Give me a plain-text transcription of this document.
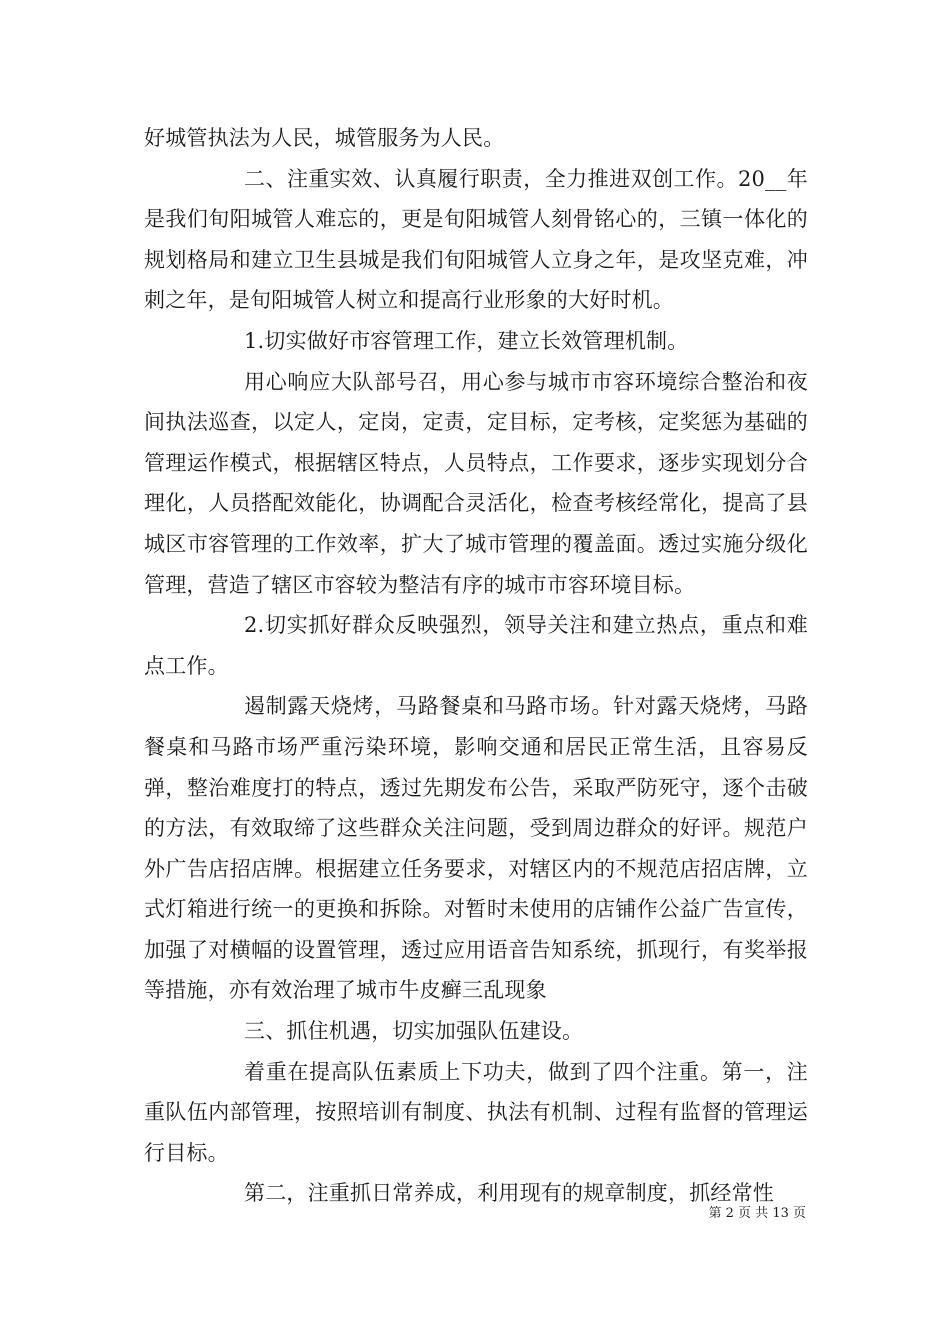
好城管执法为人民，城管服务为人民。

二、注重实效、认真履行职责，全力推进双创工作。20__年是我们旬阳城管人难忘的，更是旬阳城管人刻骨铭心的，三镇一体化的规划格局和建立卫生县城是我们旬阳城管人立身之年，是攻坚克难，冲刺之年，是旬阳城管人树立和提高行业形象的大好时机。

1.切实做好市容管理工作，建立长效管理机制。

用心响应大队部号召，用心参与城市市容环境综合整治和夜间执法巡查，以定人，定岗，定责，定目标，定考核，定奖惩为基础的管理运作模式，根据辖区特点，人员特点，工作要求，逐步实现划分合理化，人员搭配效能化，协调配合灵活化，检查考核经常化，提高了县城区市容管理的工作效率，扩大了城市管理的覆盖面。透过实施分级化管理，营造了辖区市容较为整洁有序的城市市容环境目标。

2.切实抓好群众反映强烈，领导关注和建立热点，重点和难点工作。

遏制露天烧烤，马路餐桌和马路市场。针对露天烧烤，马路餐桌和马路市场严重污染环境，影响交通和居民正常生活，且容易反弹，整治难度打的特点，透过先期发布公告，采取严防死守，逐个击破的方法，有效取缔了这些群众关注问题，受到周边群众的好评。规范户外广告店招店牌。根据建立任务要求，对辖区内的不规范店招店牌，立式灯箱进行统一的更换和拆除。对暂时未使用的店铺作公益广告宣传，加强了对横幅的设置管理，透过应用语音告知系统，抓现行，有奖举报等措施，亦有效治理了城市牛皮癣三乱现象

三、抓住机遇，切实加强队伍建设。

着重在提高队伍素质上下功夫，做到了四个注重。第一，注重队伍内部管理，按照培训有制度、执法有机制、过程有监督的管理运行目标。

第二，注重抓日常养成，利用现有的规章制度，抓经常性

第 2 页 共 13 页
